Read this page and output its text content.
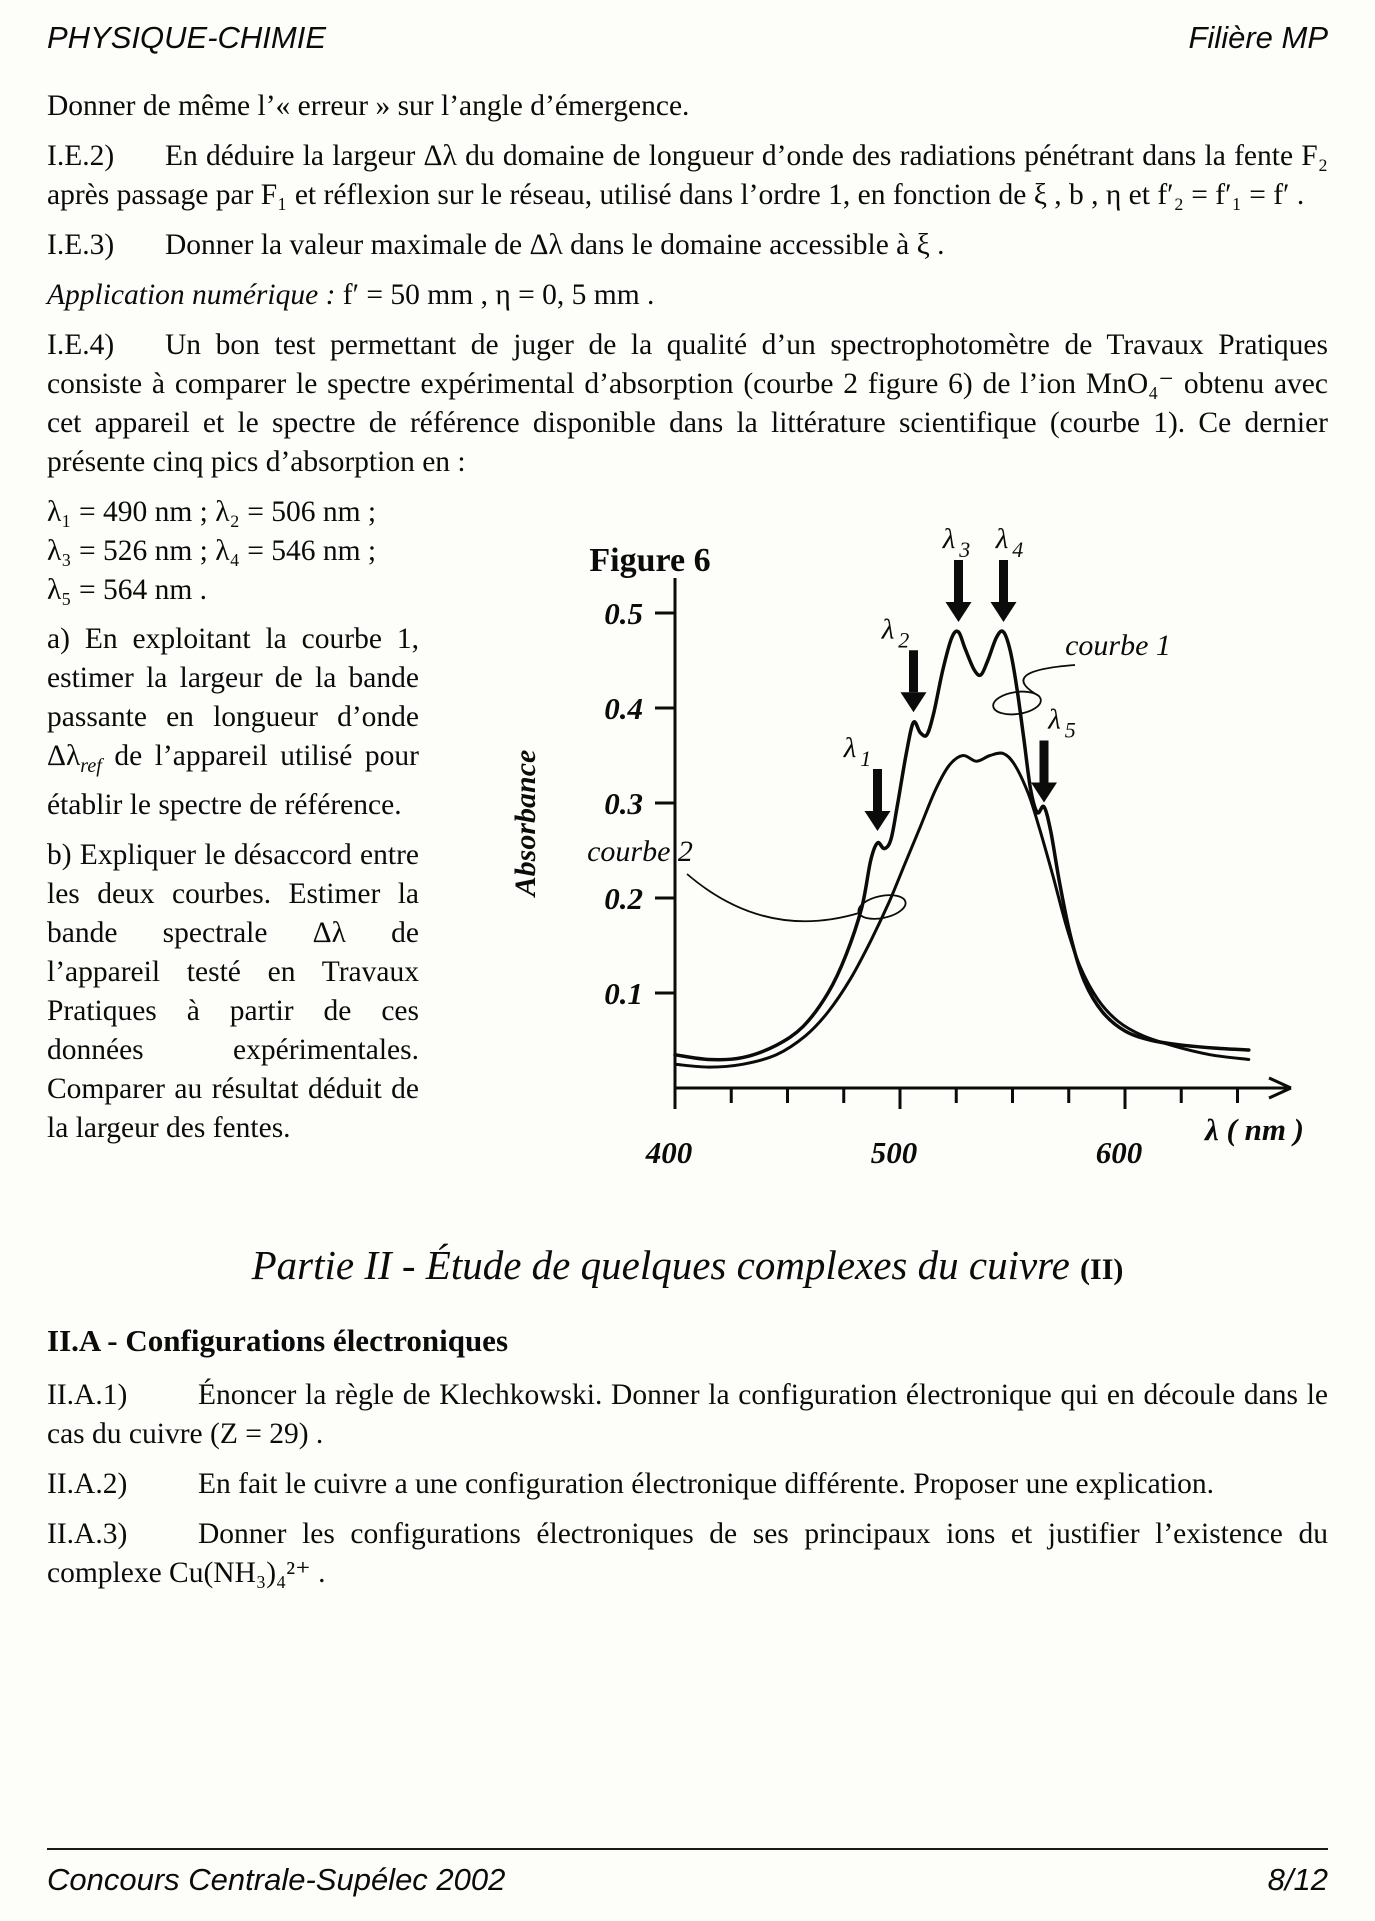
PHYSIQUE-CHIMIE	Filière MP

Donner de même l’« erreur » sur l’angle d’émergence.

I.E.2) En déduire la largeur Δλ du domaine de longueur d’onde des radiations pénétrant dans la fente F₂ après passage par F₁ et réflexion sur le réseau, utilisé dans l’ordre 1, en fonction de ξ , b , η et f′₂ = f′₁ = f′ .

I.E.3) Donner la valeur maximale de Δλ dans le domaine accessible à ξ .

Application numérique : f′ = 50 mm , η = 0, 5 mm .

I.E.4) Un bon test permettant de juger de la qualité d’un spectrophotomètre de Travaux Pratiques consiste à comparer le spectre expérimental d’absorption (courbe 2 figure 6) de l’ion MnO₄⁻ obtenu avec cet appareil et le spectre de référence disponible dans la littérature scientifique (courbe 1). Ce dernier présente cinq pics d’absorption en :

λ₁ = 490 nm ; λ₂ = 506 nm ;
λ₃ = 526 nm ; λ₄ = 546 nm ;
λ₅ = 564 nm .

a) En exploitant la courbe 1, estimer la largeur de la bande passante en longueur d’onde $\Delta\lambda_{ref}$ de l’appareil utilisé pour établir le spectre de référence.

b) Expliquer le désaccord entre les deux courbes. Estimer la bande spectrale Δλ de l’appareil testé en Travaux Pratiques à partir de ces données expérimentales. Comparer au résultat déduit de la largeur des fentes.

0.1
0.2
0.3
0.4
0.5
400	500	600
λ ( nm )
Absorbance
Figure 6
courbe 1
courbe 2
λ $_1$
λ $_2$
λ $_3$ λ $_4$
λ $_5$
Partie II - Étude de quelques complexes du cuivre (II)
II.A - Configurations électroniques

II.A.1) Énoncer la règle de Klechkowski. Donner la configuration électronique qui en découle dans le cas du cuivre (Z = 29) .

II.A.2) En fait le cuivre a une configuration électronique différente. Proposer une explication.

II.A.3) Donner les configurations électroniques de ses principaux ions et justifier l’existence du complexe Cu(NH₃)₄²⁺ .

Concours Centrale-Supélec 2002	8/12
